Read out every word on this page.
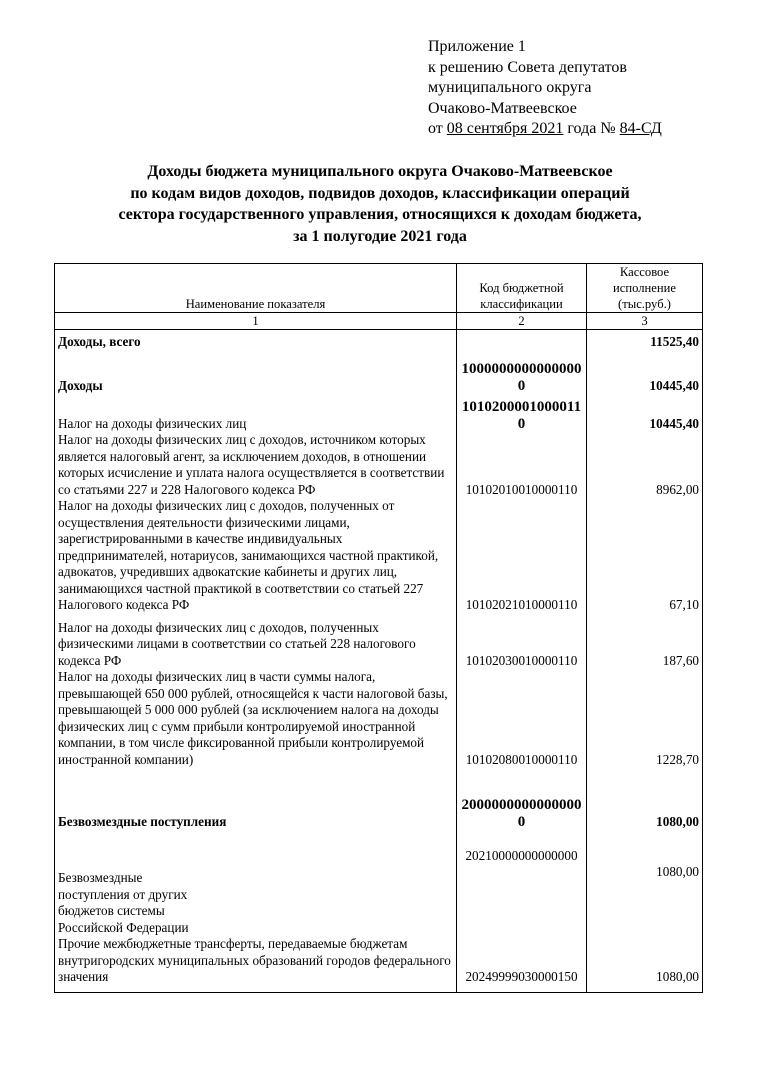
Приложение 1
к решению Совета депутатов
муниципального округа
Очаково-Матвеевское
от 08 сентября 2021 года № 84-СД
Доходы бюджета муниципального округа Очаково-Матвеевское
по кодам видов доходов, подвидов доходов, классификации операций
сектора государственного управления, относящихся к доходам бюджета,
за 1 полугодие 2021 года
Наименование показателя	Код бюджетной классификации	Кассовое исполнение (тыс.руб.)
1	2	3
Доходы, всего		11525,40
Доходы	10000000000000000	10445,40
Налог на доходы физических лиц	10102000010000110	10445,40
Налог на доходы физических лиц с доходов, источником которых является налоговый агент, за исключением доходов, в отношении которых исчисление и уплата налога осуществляется в соответствии со статьями 227 и 228 Налогового кодекса РФ	10102010010000110	8962,00
Налог на доходы физических лиц с доходов, полученных от осуществления деятельности физическими лицами, зарегистрированными в качестве индивидуальных предпринимателей, нотариусов, занимающихся частной практикой, адвокатов, учредивших адвокатские кабинеты и других лиц, занимающихся частной практикой в соответствии со статьей 227 Налогового кодекса РФ	10102021010000110	67,10
Налог на доходы физических лиц с доходов, полученных физическими лицами в соответствии со статьей 228 налогового кодекса РФ	10102030010000110	187,60
Налог на доходы физических лиц в части суммы налога, превышающей 650 000 рублей, относящейся к части налоговой базы, превышающей 5 000 000 рублей (за исключением налога на доходы физических лиц с сумм прибыли контролируемой иностранной компании, в том числе фиксированной прибыли контролируемой иностранной компании)	10102080010000110	1228,70
Безвозмездные поступления	20000000000000000	1080,00
Безвозмездные поступления от других бюджетов системы Российской Федерации	20210000000000000	1080,00
Прочие межбюджетные трансферты, передаваемые бюджетам внутригородских муниципальных образований городов федерального значения	20249999030000150	1080,00
